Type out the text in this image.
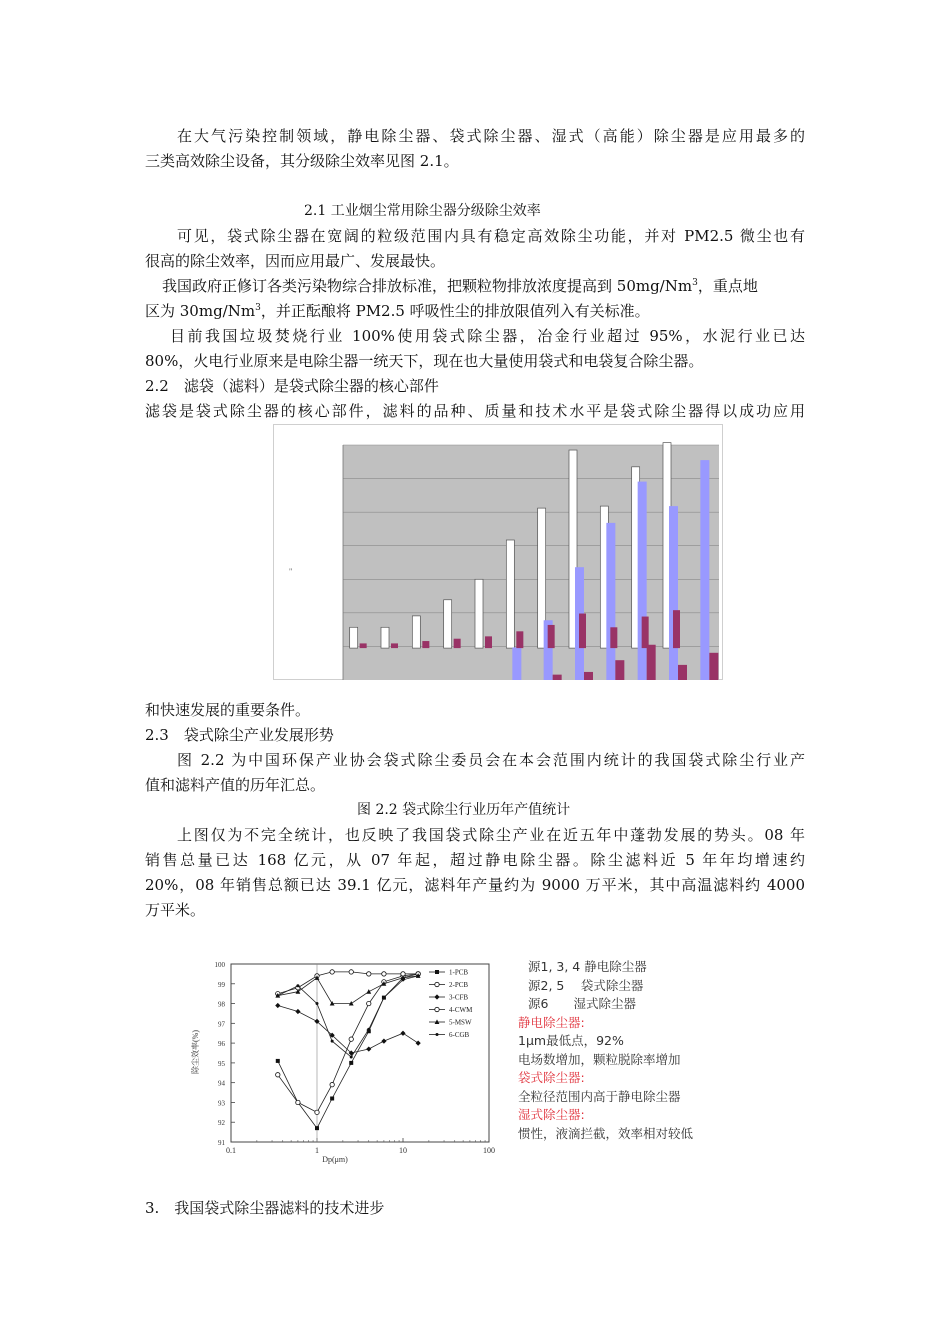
在大气污染控制领域，静电除尘器、袋式除尘器、湿式（高能）除尘器是应用最多的
三类高效除尘设备，其分级除尘效率见图 2.1。
2.1 工业烟尘常用除尘器分级除尘效率
可见，袋式除尘器在宽阔的粒级范围内具有稳定高效除尘功能，并对 PM2.5 微尘也有
很高的除尘效率，因而应用最广、发展最快。
我国政府正修订各类污染物综合排放标准，把颗粒物排放浓度提高到 50mg/Nm$^3$，重点地
区为 30mg/Nm$^3$，并正酝酿将 PM2.5 呼吸性尘的排放限值列入有关标准。
目前我国垃圾焚烧行业 100%使用袋式除尘器，冶金行业超过 95%，水泥行业已达
80%，火电行业原来是电除尘器一统天下，现在也大量使用袋式和电袋复合除尘器。
2.2　滤袋（滤料）是袋式除尘器的核心部件
滤袋是袋式除尘器的核心部件，滤料的品种、质量和技术水平是袋式除尘器得以成功应用
"
和快速发展的重要条件。
2.3　袋式除尘产业发展形势
图 2.2 为中国环保产业协会袋式除尘委员会在本会范围内统计的我国袋式除尘行业产
值和滤料产值的历年汇总。
图 2.2 袋式除尘行业历年产值统计
上图仅为不完全统计，也反映了我国袋式除尘产业在近五年中蓬勃发展的势头。08 年
销售总量已达 168 亿元，从 07 年起，超过静电除尘器。除尘滤料近 5 年年均增速约
20%，08 年销售总额已达 39.1 亿元，滤料年产量约为 9000 万平米，其中高温滤料约 4000
万平米。
0.1	1	10	100
91
92
93
94
95
96
97
98
99
100
1-PCB
2-PCB
3-CFB
4-CWM
5-MSW
6-CGB
除尘效率(%)
Dp(μm)
源1, 3, 4 静电除尘器
源2, 5　 袋式除尘器
源6　　湿式除尘器
静电除尘器:
1μm最低点，92%
电场数增加，颗粒脱除率增加
袋式除尘器:
全粒径范围内高于静电除尘器
湿式除尘器:
惯性，液滴拦截，效率相对较低
3.　我国袋式除尘器滤料的技术进步
